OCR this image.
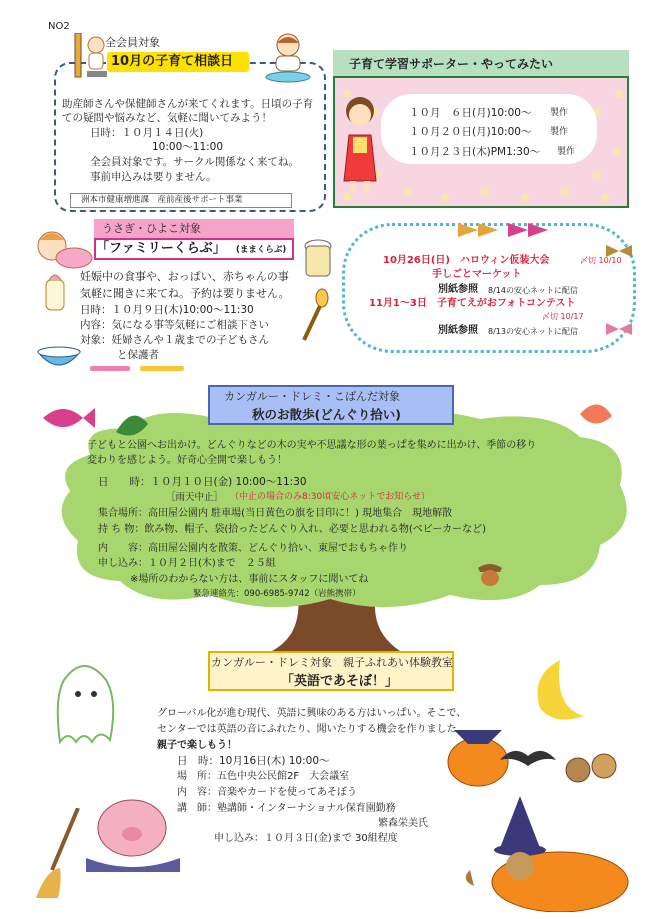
NO2
全会員対象
10月の子育て相談日
助産師さんや保健師さんが来てくれます。日頃の子育
ての疑問や悩みなど、気軽に聞いてみよう！
日時：１０月１４日(火)
10:00～11:00
全会員対象です。サークル関係なく来てね。
事前申込みは要りません。
洲本市健康増進課　産前産後サポート事業
子育て学習サポーター・やってみたい
１０月　６日(月)10:00～ 製作
１０月２０日(月)10:00～ 製作
１０月２３日(木)PM1:30～ 製作
うさぎ・ひよこ対象
「ファミリーくらぶ」 (ままくらぶ)
妊娠中の食事や、おっぱい、赤ちゃんの事
気軽に聞きに来てね。予約は要りません。
日時：１０月９日(木)10:00～11:30
内容：気になる事等気軽にご相談下さい
対象：妊婦さんや１歳までの子どもさん
と保護者
10月26日(日)　ハロウィン仮装大会	〆切 10/10
手しごとマーケット
別紙参照 8/14の安心ネットに配信
11月1～3日　子育てえがおフォトコンテスト
〆切 10/17
別紙参照 8/13の安心ネットに配信
カンガルー・ドレミ・こばんだ対象
秋のお散歩(どんぐり拾い)
子どもと公園へお出かけ。どんぐりなどの木の実や不思議な形の葉っぱを集めに出かけ、季節の移り
変わりを感じよう。好奇心全開で楽しもう！
日　　時：１０月１０日(金) 10:00～11:30
［雨天中止］ （中止の場合のみ8:30頃安心ネットでお知らせ）
集合場所：高田屋公園内 駐車場(当日黄色の旗を目印に！) 現地集合　現地解散
持 ち 物：飲み物、帽子、袋(拾ったどんぐり入れ、必要と思われる物(ベビーカーなど)
内　　容：高田屋公園内を散策、どんぐり拾い、東屋でおもちゃ作り
申し込み：１０月２日(木)まで　２５組
※場所のわからない方は、事前にスタッフに聞いてね
緊急連絡先：090-6985-9742（岩熊携帯）
カンガルー・ドレミ対象　親子ふれあい体験教室
「英語であそぼ！」
グローバル化が進む現代、英語に興味のある方はいっぱい。そこで、
センターでは英語の音にふれたり、聞いたりする機会を作りました。
親子で楽しもう！
日　時：10月16日(木) 10:00～
場　所：五色中央公民館2F　大会議室
内　容：音楽やカードを使ってあそぼう
講　師：塾講師・インターナショナル保育園勤務
繁森栄美氏
申し込み：１０月３日(金)まで 30組程度
